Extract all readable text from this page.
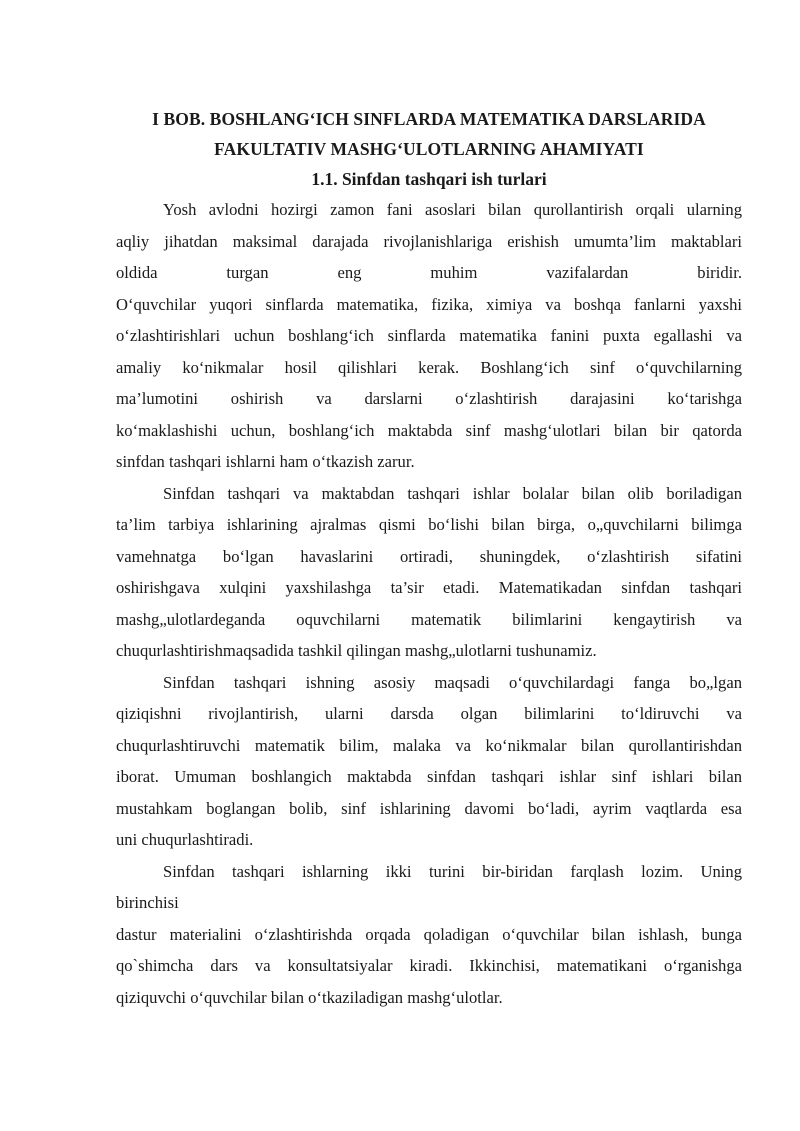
I BOB. BOSHLANG‘ICH SINFLARDA MATEMATIKA DARSLARIDA
FAKULTATIV MASHG‘ULOTLARNING AHAMIYATI
1.1. Sinfdan tashqari ish turlari

Yosh avlodni hozirgi zamon fani asoslari bilan qurollantirish orqali ularning
aqliy jihatdan maksimal darajada rivojlanishlariga erishish umumta’lim maktablari
oldida turgan eng muhim vazifalardan biridir.
O‘quvchilar yuqori sinflarda matematika, fizika, ximiya va boshqa fanlarni yaxshi
o‘zlashtirishlari uchun boshlang‘ich sinflarda matematika fanini puxta egallashi va
amaliy ko‘nikmalar hosil qilishlari kerak. Boshlang‘ich sinf o‘quvchilarning
ma’lumotini oshirish va darslarni o‘zlashtirish darajasini ko‘tarishga
ko‘maklashishi uchun, boshlang‘ich maktabda sinf mashg‘ulotlari bilan bir qatorda
sinfdan tashqari ishlarni ham o‘tkazish zarur.

Sinfdan tashqari va maktabdan tashqari ishlar bolalar bilan olib boriladigan
ta’lim tarbiya ishlarining ajralmas qismi bo‘lishi bilan birga, o„quvchilarni bilimga
vamehnatga bo‘lgan havaslarini ortiradi, shuningdek, o‘zlashtirish sifatini
oshirishgava xulqini yaxshilashga ta’sir etadi. Matematikadan sinfdan tashqari
mashg„ulotlardeganda oquvchilarni matematik bilimlarini kengaytirish va
chuqurlashtirishmaqsadida tashkil qilingan mashg„ulotlarni tushunamiz.

Sinfdan tashqari ishning asosiy maqsadi o‘quvchilardagi fanga bo„lgan
qiziqishni rivojlantirish, ularni darsda olgan bilimlarini to‘ldiruvchi va
chuqurlashtiruvchi matematik bilim, malaka va ko‘nikmalar bilan qurollantirishdan
iborat. Umuman boshlangich maktabda sinfdan tashqari ishlar sinf ishlari bilan
mustahkam boglangan bolib, sinf ishlarining davomi bo‘ladi, ayrim vaqtlarda esa
uni chuqurlashtiradi.

Sinfdan tashqari ishlarning ikki turini bir-biridan farqlash lozim. Uning
birinchisi
dastur materialini o‘zlashtirishda orqada qoladigan o‘quvchilar bilan ishlash, bunga
qo`shimcha dars va konsultatsiyalar kiradi. Ikkinchisi, matematikani o‘rganishga
qiziquvchi o‘quvchilar bilan o‘tkaziladigan mashg‘ulotlar.
